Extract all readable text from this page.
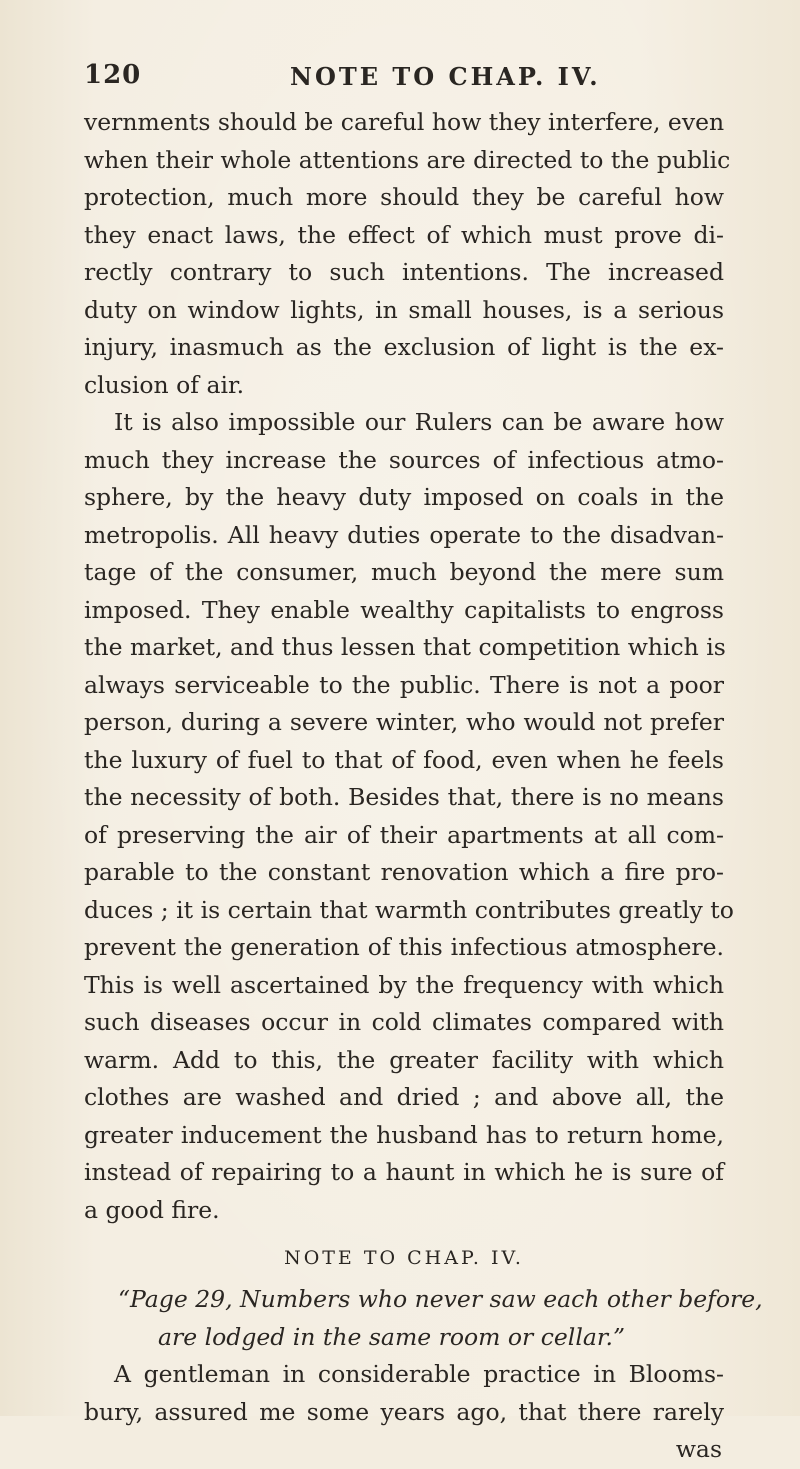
120	NOTE TO CHAP. IV.
vernments should be careful how they interfere, even
when their whole attentions are directed to the public
protection, much more should they be careful how
they enact laws, the effect of which must prove di-
rectly contrary to such intentions. The increased
duty on window lights, in small houses, is a serious
injury, inasmuch as the exclusion of light is the ex-
clusion of air.
It is also impossible our Rulers can be aware how
much they increase the sources of infectious atmo-
sphere, by the heavy duty imposed on coals in the
metropolis. All heavy duties operate to the disadvan-
tage of the consumer, much beyond the mere sum
imposed. They enable wealthy capitalists to engross
the market, and thus lessen that competition which is
always serviceable to the public. There is not a poor
person, during a severe winter, who would not prefer
the luxury of fuel to that of food, even when he feels
the necessity of both. Besides that, there is no means
of preserving the air of their apartments at all com-
parable to the constant renovation which a fire pro-
duces ; it is certain that warmth contributes greatly to
prevent the generation of this infectious atmosphere.
This is well ascertained by the frequency with which
such diseases occur in cold climates compared with
warm. Add to this, the greater facility with which
clothes are washed and dried ; and above all, the
greater inducement the husband has to return home,
instead of repairing to a haunt in which he is sure of
a good fire.
NOTE TO CHAP. IV.
“Page 29, Numbers who never saw each other before,
are lodged in the same room or cellar.”
A gentleman in considerable practice in Blooms-
bury, assured me some years ago, that there rarely
was
